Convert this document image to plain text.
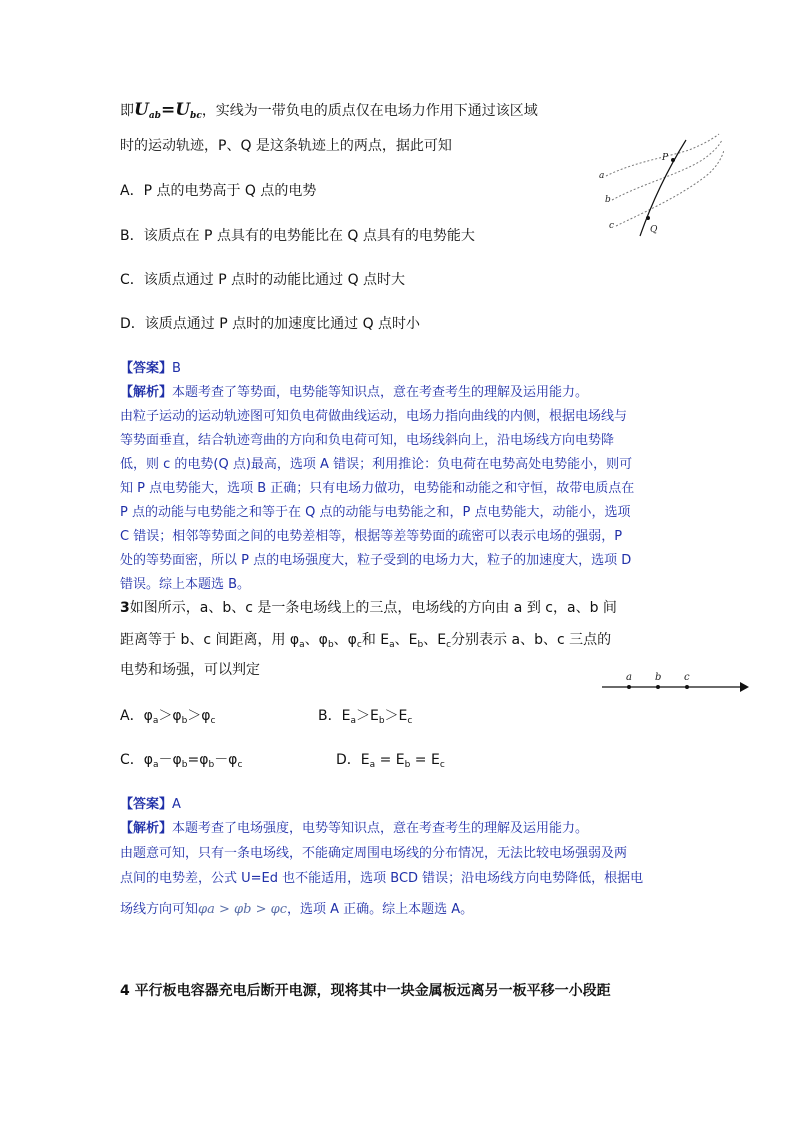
即$U_{ab}=U_{bc}$，实线为一带负电的质点仅在电场力作用下通过该区域
时的运动轨迹，P、Q 是这条轨迹上的两点，据此可知
A．P 点的电势高于 Q 点的电势
B．该质点在 P 点具有的电势能比在 Q 点具有的电势能大
C．该质点通过 P 点时的动能比通过 Q 点时大
D．该质点通过 P 点时的加速度比通过 Q 点时小
a
b
c
P
Q
【答案】B
【解析】本题考查了等势面，电势能等知识点，意在考查考生的理解及运用能力。
由粒子运动的运动轨迹图可知负电荷做曲线运动，电场力指向曲线的内侧，根据电场线与
等势面垂直，结合轨迹弯曲的方向和负电荷可知，电场线斜向上，沿电场线方向电势降
低，则 c 的电势(Q 点)最高，选项 A 错误；利用推论：负电荷在电势高处电势能小，则可
知 P 点电势能大，选项 B 正确；只有电场力做功，电势能和动能之和守恒，故带电质点在
P 点的动能与电势能之和等于在 Q 点的动能与电势能之和，P 点电势能大，动能小，选项
C 错误；相邻等势面之间的电势差相等，根据等差等势面的疏密可以表示电场的强弱，P
处的等势面密，所以 P 点的电场强度大，粒子受到的电场力大，粒子的加速度大，选项 D
错误。综上本题选 B。
3如图所示，a、b、c 是一条电场线上的三点，电场线的方向由 a 到 c，a、b 间
距离等于 b、c 间距离，用 $\varphi_a$、$\varphi_b$、$\varphi_c$和 $E_a$、$E_b$、$E_c$分别表示 a、b、c 三点的
电势和场强，可以判定	a b c
A．$\varphi_a>\varphi_b>\varphi_c$	B．$E_a>E_b>E_c$
C．$\varphi_a-\varphi_b=\varphi_b-\varphi_c$	D．$E_a = E_b = E_c$
【答案】A
【解析】本题考查了电场强度，电势等知识点，意在考查考生的理解及运用能力。
由题意可知，只有一条电场线，不能确定周围电场线的分布情况，无法比较电场强弱及两
点间的电势差，公式 U=Ed 也不能适用，选项 BCD 错误；沿电场线方向电势降低，根据电
场线方向可知φa > φb > φc，选项 A 正确。综上本题选 A。
4 平行板电容器充电后断开电源，现将其中一块金属板远离另一板平移一小段距
